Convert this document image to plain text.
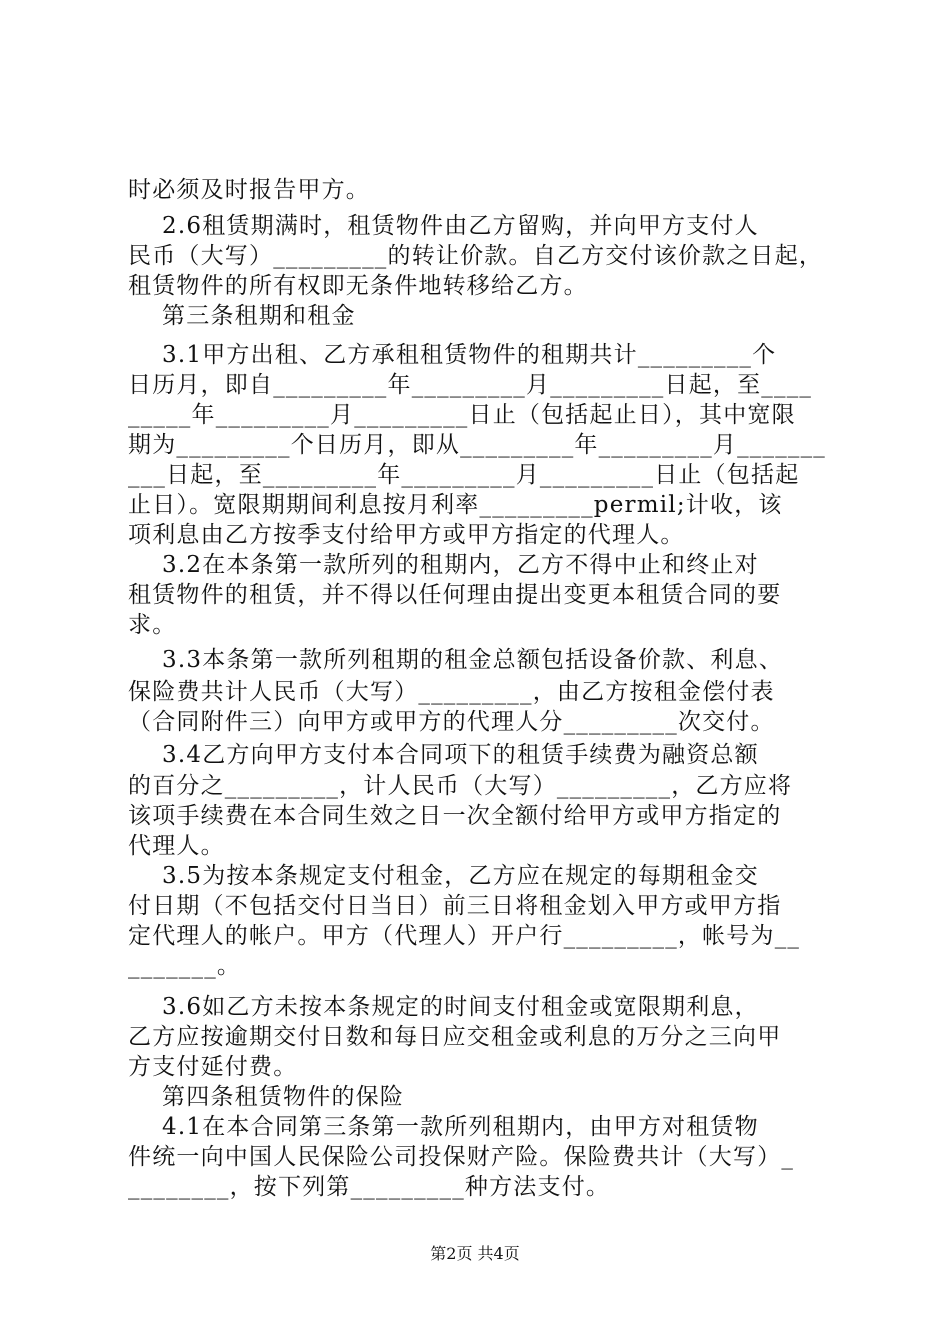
时必须及时报告甲方。
2.6租赁期满时，租赁物件由乙方留购，并向甲方支付人
民币（大写）_________的转让价款。自乙方交付该价款之日起，
租赁物件的所有权即无条件地转移给乙方。
第三条租期和租金
3.1甲方出租、乙方承租租赁物件的租期共计_________个
日历月，即自_________年_________月_________日起，至____
_____年_________月_________日止（包括起止日），其中宽限
期为_________个日历月，即从_________年_________月_______
___日起，至_________年_________月_________日止（包括起
止日）。宽限期期间利息按月利率_________permil;计收，该
项利息由乙方按季支付给甲方或甲方指定的代理人。
3.2在本条第一款所列的租期内，乙方不得中止和终止对
租赁物件的租赁，并不得以任何理由提出变更本租赁合同的要
求。
3.3本条第一款所列租期的租金总额包括设备价款、利息、
保险费共计人民币（大写）_________，由乙方按租金偿付表
（合同附件三）向甲方或甲方的代理人分_________次交付。
3.4乙方向甲方支付本合同项下的租赁手续费为融资总额
的百分之_________，计人民币（大写）_________，乙方应将
该项手续费在本合同生效之日一次全额付给甲方或甲方指定的
代理人。
3.5为按本条规定支付租金，乙方应在规定的每期租金交
付日期（不包括交付日当日）前三日将租金划入甲方或甲方指
定代理人的帐户。甲方（代理人）开户行_________，帐号为__
_______。
3.6如乙方未按本条规定的时间支付租金或宽限期利息，
乙方应按逾期交付日数和每日应交租金或利息的万分之三向甲
方支付延付费。
第四条租赁物件的保险
4.1在本合同第三条第一款所列租期内，由甲方对租赁物
件统一向中国人民保险公司投保财产险。保险费共计（大写）_
________，按下列第_________种方法支付。
第2页 共4页
